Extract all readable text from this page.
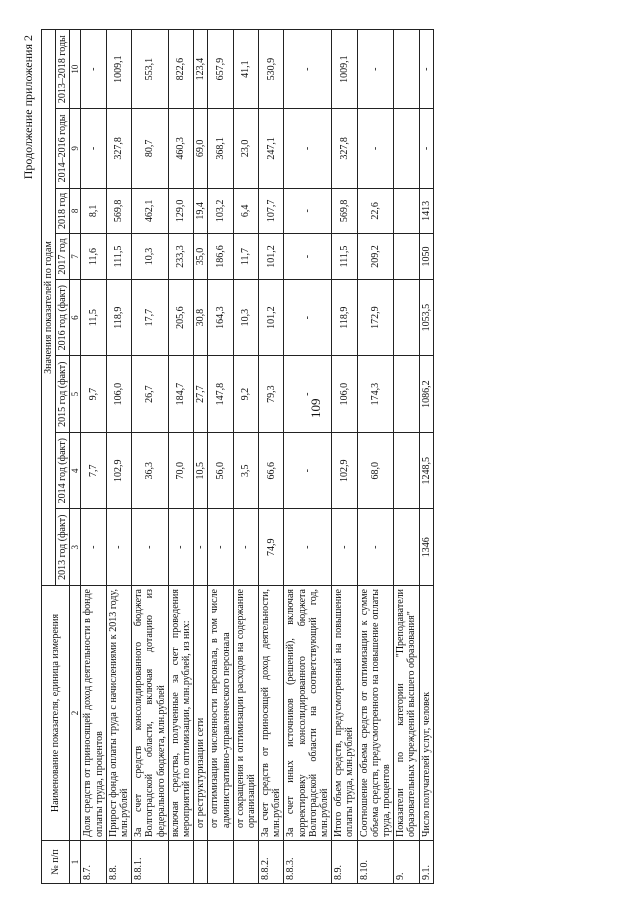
109
Продолжение приложения 2
№ п/п	Наименование показателя, единица измерения	Значения показателей по годам							
		2013 год (факт)	2014 год (факт)	2015 год (факт)	2016 год (факт)	2017 год	2018 год	2014–2016 годы	2013–2018 годы
1	2	3	4	5	6	7	8	9	10
8.7.	Доля средств от приносящей доход деятельности в фонде оплаты труда, процентов	-	7,7	9,7	11,5	11,6	8,1	-	-
8.8.	Прирост фонда оплаты труда с начислениями к 2013 году, млн.рублей	-	102,9	106,0	118,9	111,5	569,8	327,8	1009,1
8.8.1.	За счет средств консолидированного бюджета Волгоградской области, включая дотацию из федерального бюджета, млн.рублей	-	36,3	26,7	17,7	10,3	462,1	80,7	553,1
	включая средства, полученные за счет проведения мероприятий по оптимизации, млн.рублей, из них:	-	70,0	184,7	205,6	233,3	129,0	460,3	822,6
	от реструктуризации сети	-	10,5	27,7	30,8	35,0	19,4	69,0	123,4
	от оптимизации численности персонала, в том числе административно-управленческого персонала	-	56,0	147,8	164,3	186,6	103,2	368,1	657,9
	от сокращения и оптимизации расходов на содержание организаций	-	3,5	9,2	10,3	11,7	6,4	23,0	41,1
8.8.2.	За счет средств от приносящей доход деятельности, млн.рублей	74,9	66,6	79,3	101,2	101,2	107,7	247,1	530,9
8.8.3.	За счет иных источников (решений), включая корректировку консолидированного бюджета Волгоградской области на соответствующий год, млн.рублей	-	-	-	-	-	-	-	-
8.9.	Итого объем средств, предусмотренный на повышение оплаты труда, млн.рублей	-	102,9	106,0	118,9	111,5	569,8	327,8	1009,1
8.10.	Соотношение объема средств от оптимизации к сумме объема средств, предусмотренного на повышение оплаты труда, процентов	-	68,0	174,3	172,9	209,2	22,6	-	-
9.	Показатели по категории "Преподаватели образовательных учреждений высшего образования"								
9.1.	Число получателей услуг, человек	1346	1248,5	1086,2	1053,5	1050	1413	-	-
